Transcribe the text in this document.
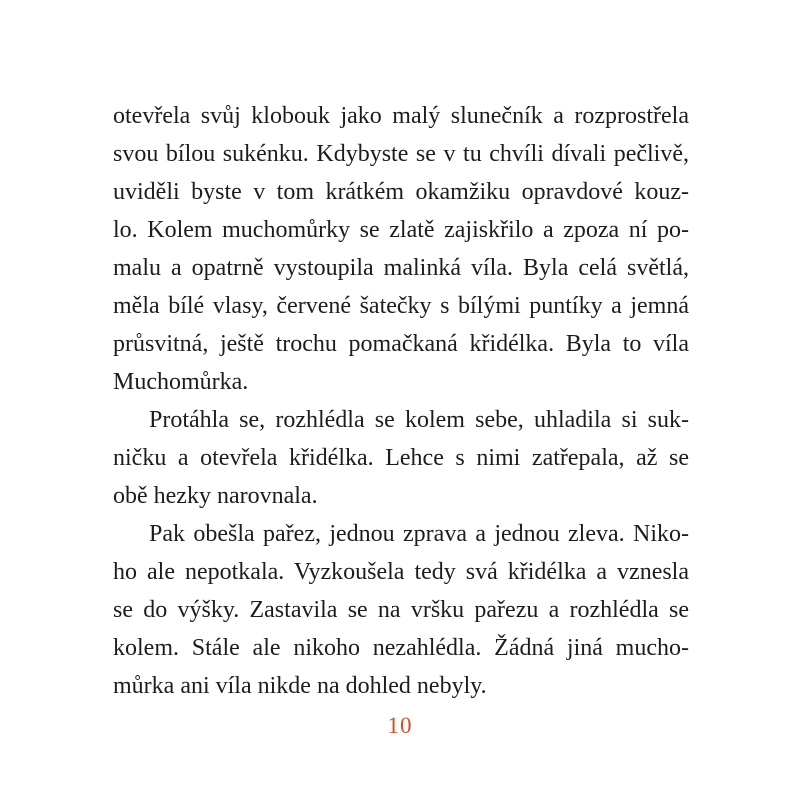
otevřela svůj klobouk jako malý slunečník a rozprostřela
svou bílou sukénku. Kdybyste se v tu chvíli dívali pečlivě,
uviděli byste v tom krátkém okamžiku opravdové kouz-
lo. Kolem muchomůrky se zlatě zajiskřilo a zpoza ní po-
malu a opatrně vystoupila malinká víla. Byla celá světlá,
měla bílé vlasy, červené šatečky s bílými puntíky a jemná
průsvitná, ještě trochu pomačkaná křidélka. Byla to víla
Muchomůrka.
Protáhla se, rozhlédla se kolem sebe, uhladila si suk-
ničku a otevřela křidélka. Lehce s nimi zatřepala, až se
obě hezky narovnala.
Pak obešla pařez, jednou zprava a jednou zleva. Niko-
ho ale nepotkala. Vyzkoušela tedy svá křidélka a vznesla
se do výšky. Zastavila se na vršku pařezu a rozhlédla se
kolem. Stále ale nikoho nezahlédla. Žádná jiná mucho-
můrka ani víla nikde na dohled nebyly.
10
